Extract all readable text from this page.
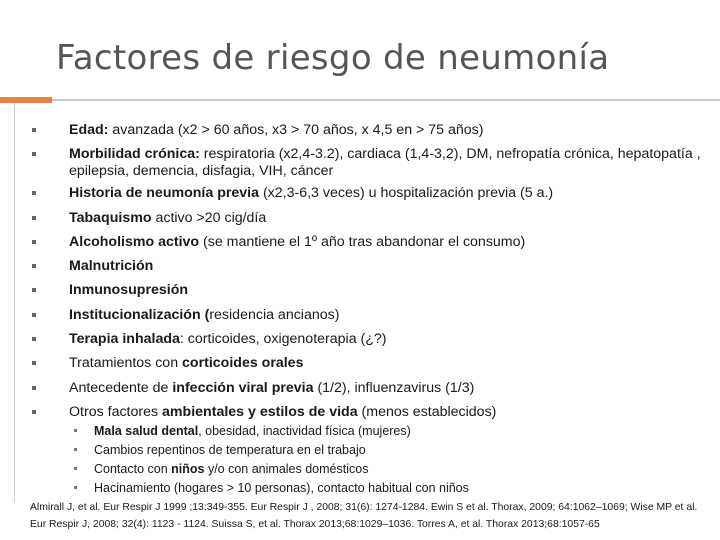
Factores de riesgo de neumonía
Edad: avanzada (x2 > 60 años, x3 > 70 años, x 4,5 en > 75 años)
Morbilidad crónica: respiratoria (x2,4-3.2), cardiaca (1,4-3,2), DM, nefropatía crónica, hepatopatía , epilepsia, demencia, disfagia, VIH, cáncer
Historia de neumonía previa (x2,3-6,3 veces) u hospitalización previa (5 a.)
Tabaquismo activo >20 cig/día
Alcoholismo activo (se mantiene el 1º año tras abandonar el consumo)
Malnutrición
Inmunosupresión
Institucionalización (residencia ancianos)
Terapia inhalada: corticoides, oxigenoterapia (¿?)
Tratamientos con corticoides orales
Antecedente de infección viral previa (1/2), influenzavirus (1/3)
Otros factores ambientales y estilos de vida (menos establecidos)
Mala salud dental, obesidad, inactividad física (mujeres)
Cambios repentinos de temperatura en el trabajo
Contacto con niños y/o con animales domésticos
Hacinamiento (hogares > 10 personas), contacto habitual con niños
Almirall J, et al. Eur Respir J 1999 ;13:349-355. Eur Respir J , 2008; 31(6): 1274-1284. Ewin S et al. Thorax, 2009; 64:1062–1069; Wise MP et al. Eur Respir J, 2008; 32(4): 1123 - 1124. Suissa S, et al. Thorax 2013;68:1029–1036. Torres A, et al. Thorax 2013;68:1057-65
